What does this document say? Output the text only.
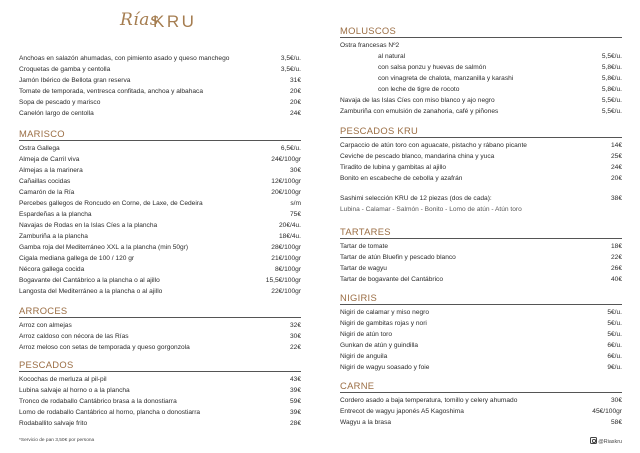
Rías
KRU
Anchoas en salazón ahumadas, con pimiento asado y queso manchego	3,5€/u.
Croquetas de gamba y centolla	3,5€/u.
Jamón Ibérico de Bellota gran reserva	31€
Tomate de temporada, ventresca confitada, anchoa y albahaca	20€
Sopa de pescado y marisco	20€
Canelón largo de centolla	24€
MARISCO
Ostra Gallega	6,5€/u.
Almeja de Carril viva	24€/100gr
Almejas a la marinera	30€
Cañaillas cocidas	12€/100gr
Camarón de la Ría	20€/100gr
Percebes gallegos de Roncudo en Corne, de Laxe, de Cedeira	s/m
Espardeñas a la plancha	75€
Navajas de Rodas en la Islas Cíes a la plancha	20€/4u.
Zamburiña a la plancha	18€/4u.
Gamba roja del Mediterráneo XXL a la plancha (min 50gr)	28€/100gr
Cigala mediana gallega de 100 / 120 gr	21€/100gr
Nécora gallega cocida	8€/100gr
Bogavante del Cantábrico a la plancha o al ajillo	15,5€/100gr
Langosta del Mediterráneo a la plancha o al ajillo	22€/100gr
ARROCES
Arroz con almejas	32€
Arroz caldoso con nécora de las Rías	30€
Arroz meloso con setas de temporada y queso gorgonzola	22€
PESCADOS
Kocochas de merluza al pil-pil	43€
Lubina salvaje al horno o a la plancha	39€
Tronco de rodaballo Cantábrico brasa a la donostiarra	59€
Lomo de rodaballo Cantábrico al horno, plancha o donostiarra	39€
Rodaballito salvaje frito	28€
*Servicio de pan 3,50€ por persona
MOLUSCOS
Ostra francesas Nº2
al natural	5,5€/u.
con salsa ponzu y huevas de salmón	5,8€/u.
con vinagreta de chalota, manzanilla y karashi	5,8€/u.
con leche de tigre de rocoto	5,8€/u.
Navaja de las Islas Cíes con miso blanco y ajo negro	5,5€/u.
Zamburiña con emulsión de zanahoria, café y piñones	5,5€/u.
PESCADOS KRU
Carpaccio de atún toro con aguacate, pistacho y rábano picante	14€
Ceviche de pescado blanco, mandarina china y yuca	25€
Tiradito de lubina y gambitas al ajillo	24€
Bonito en escabeche de cebolla y azafrán	20€
Sashimi selección KRU de 12 piezas (dos de cada):	38€
Lubina - Calamar - Salmón - Bonito - Lomo de atún - Atún toro
TARTARES
Tartar de tomate	18€
Tartar de atún Bluefin y pescado blanco	22€
Tartar de wagyu	26€
Tartar de bogavante del Cantábrico	40€
NIGIRIS
Nigiri de calamar y miso negro	5€/u.
Nigiri de gambitas rojas y nori	5€/u.
Nigiri de atún toro	5€/u.
Gunkan de atún y guindilla	6€/u.
Nigiri de anguila	6€/u.
Nigiri de wagyu soasado y foie	9€/u.
CARNE
Cordero asado a baja temperatura, tomillo y celery ahumado	30€
Entrecot de wagyu japonés A5 Kagoshima	45€/100gr
Wagyu a la brasa	58€
@Riaskru
